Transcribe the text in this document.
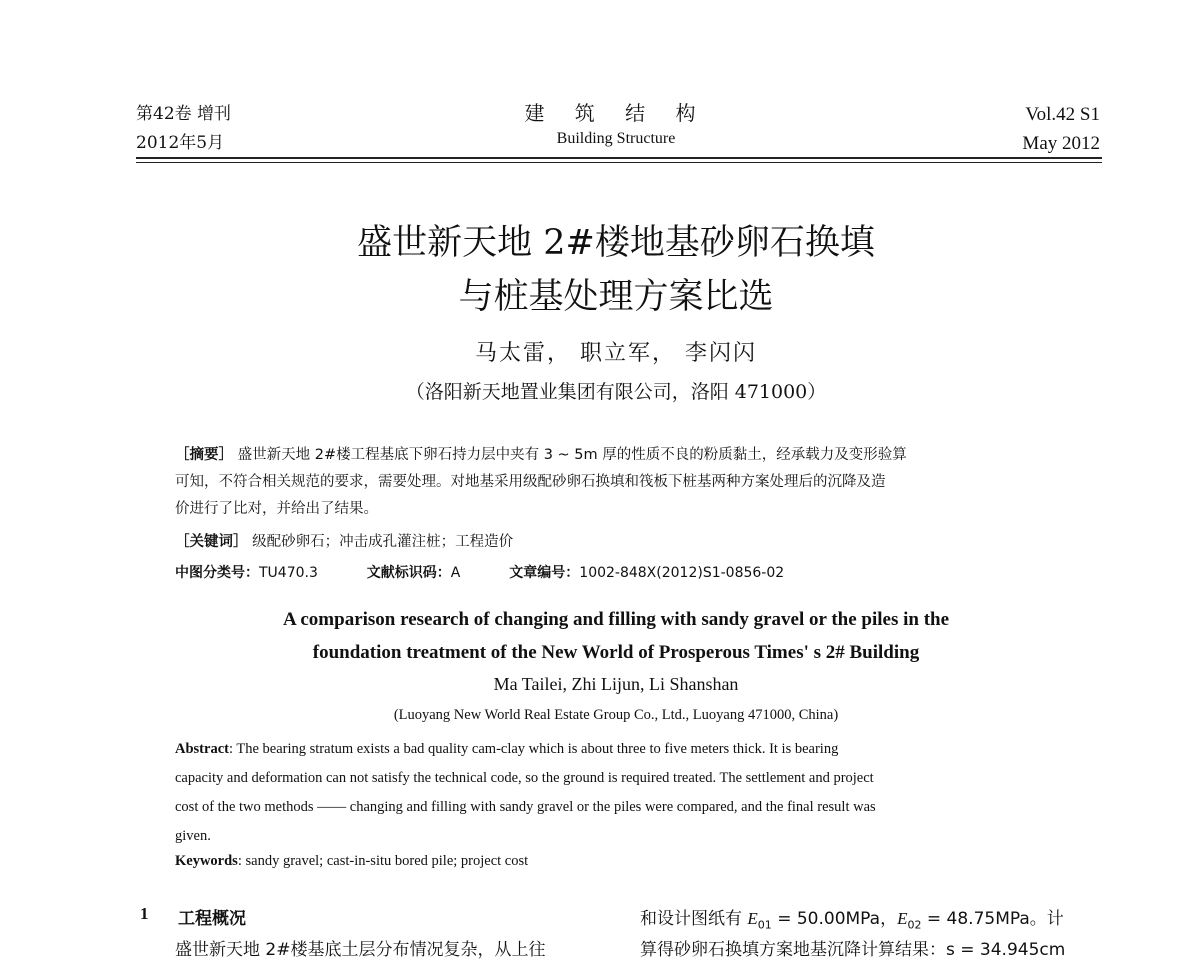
第42卷 增刊
2012年5月
建 筑 结 构
Building Structure
Vol.42 S1
May 2012
盛世新天地 2#楼地基砂卵石换填
与桩基处理方案比选
马太雷， 职立军， 李闪闪
（洛阳新天地置业集团有限公司，洛阳 471000）
［摘要］ 盛世新天地 2#楼工程基底下卵石持力层中夹有 3 ~ 5m 厚的性质不良的粉质黏土，经承载力及变形验算
可知，不符合相关规范的要求，需要处理。对地基采用级配砂卵石换填和筏板下桩基两种方案处理后的沉降及造
价进行了比对，并给出了结果。
［关键词］ 级配砂卵石；冲击成孔灌注桩；工程造价
中图分类号：TU470.3	文献标识码：A	文章编号：1002-848X(2012)S1-0856-02
A comparison research of changing and filling with sandy gravel or the piles in the
foundation treatment of the New World of Prosperous Times' s 2# Building
Ma Tailei, Zhi Lijun, Li Shanshan
(Luoyang New World Real Estate Group Co., Ltd., Luoyang 471000, China)
Abstract: The bearing stratum exists a bad quality cam-clay which is about three to five meters thick. It is bearing
capacity and deformation can not satisfy the technical code, so the ground is required treated. The settlement and project
cost of the two methods —— changing and filling with sandy gravel or the piles were compared, and the final result was
given.
Keywords: sandy gravel; cast-in-situ bored pile; project cost
1 工程概况
盛世新天地 2#楼基底土层分布情况复杂，从上往
和设计图纸有 $E_{01} = 50.00MPa$，$E_{02} = 48.75MPa$。计
算得砂卵石换填方案地基沉降计算结果：s = 34.945cm
